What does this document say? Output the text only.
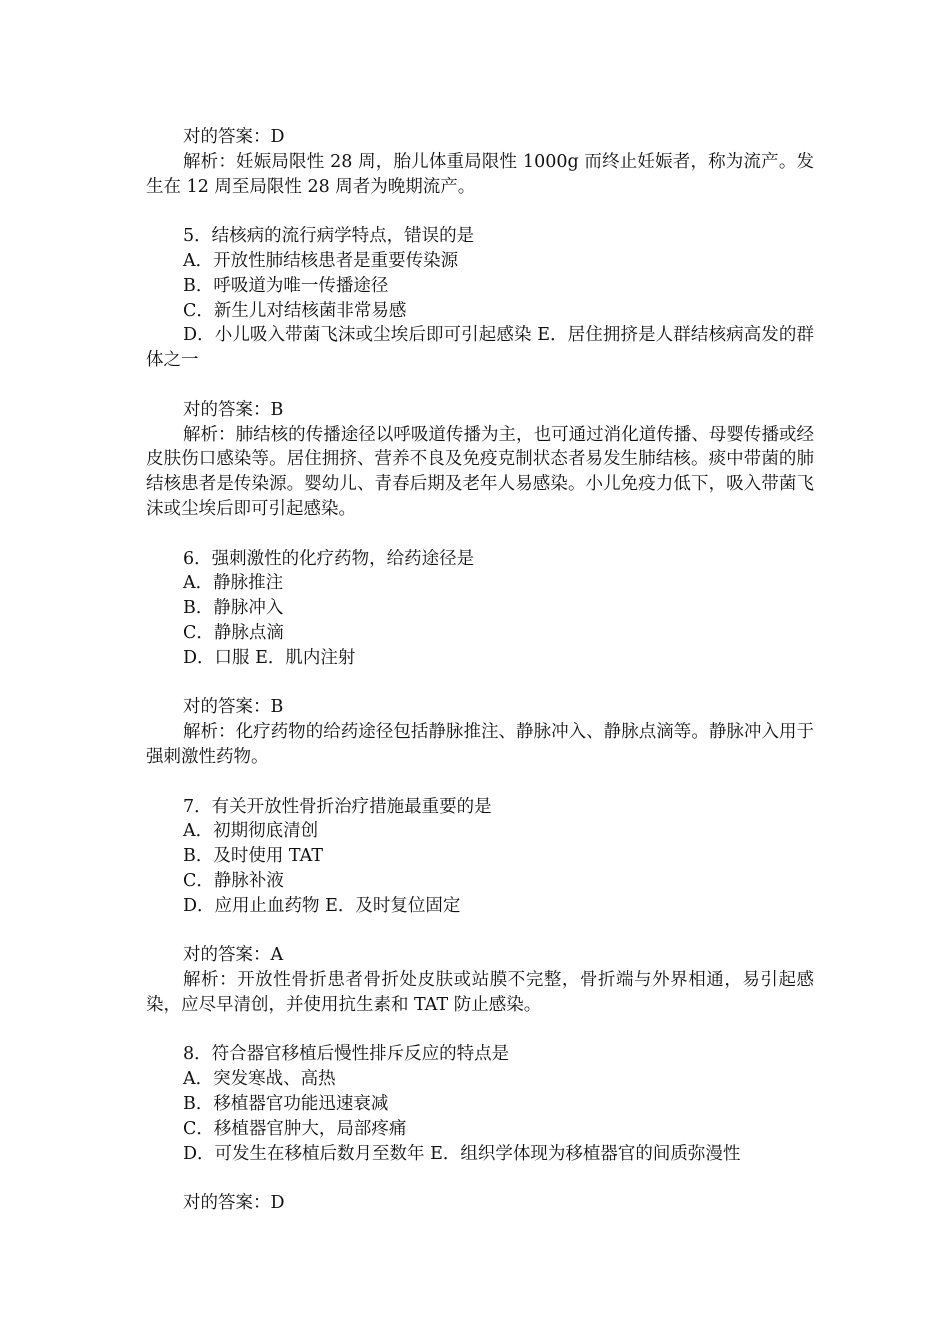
对的答案：D
解析：妊娠局限性 28 周，胎儿体重局限性 1000g 而终止妊娠者，称为流产。发生在 12 周至局限性 28 周者为晚期流产。
5．结核病的流行病学特点，错误的是
A．开放性肺结核患者是重要传染源
B．呼吸道为唯一传播途径
C．新生儿对结核菌非常易感
D．小儿吸入带菌飞沫或尘埃后即可引起感染 E．居住拥挤是人群结核病高发的群体之一
对的答案：B
解析：肺结核的传播途径以呼吸道传播为主，也可通过消化道传播、母婴传播或经皮肤伤口感染等。居住拥挤、营养不良及免疫克制状态者易发生肺结核。痰中带菌的肺结核患者是传染源。婴幼儿、青春后期及老年人易感染。小儿免疫力低下，吸入带菌飞沫或尘埃后即可引起感染。
6．强刺激性的化疗药物，给药途径是
A．静脉推注
B．静脉冲入
C．静脉点滴
D．口服 E．肌内注射
对的答案：B
解析：化疗药物的给药途径包括静脉推注、静脉冲入、静脉点滴等。静脉冲入用于强刺激性药物。
7．有关开放性骨折治疗措施最重要的是
A．初期彻底清创
B．及时使用 TAT
C．静脉补液
D．应用止血药物 E．及时复位固定
对的答案：A
解析：开放性骨折患者骨折处皮肤或站膜不完整，骨折端与外界相通，易引起感染，应尽早清创，并使用抗生素和 TAT 防止感染。
8．符合器官移植后慢性排斥反应的特点是
A．突发寒战、高热
B．移植器官功能迅速衰减
C．移植器官肿大，局部疼痛
D．可发生在移植后数月至数年 E．组织学体现为移植器官的间质弥漫性
对的答案：D
